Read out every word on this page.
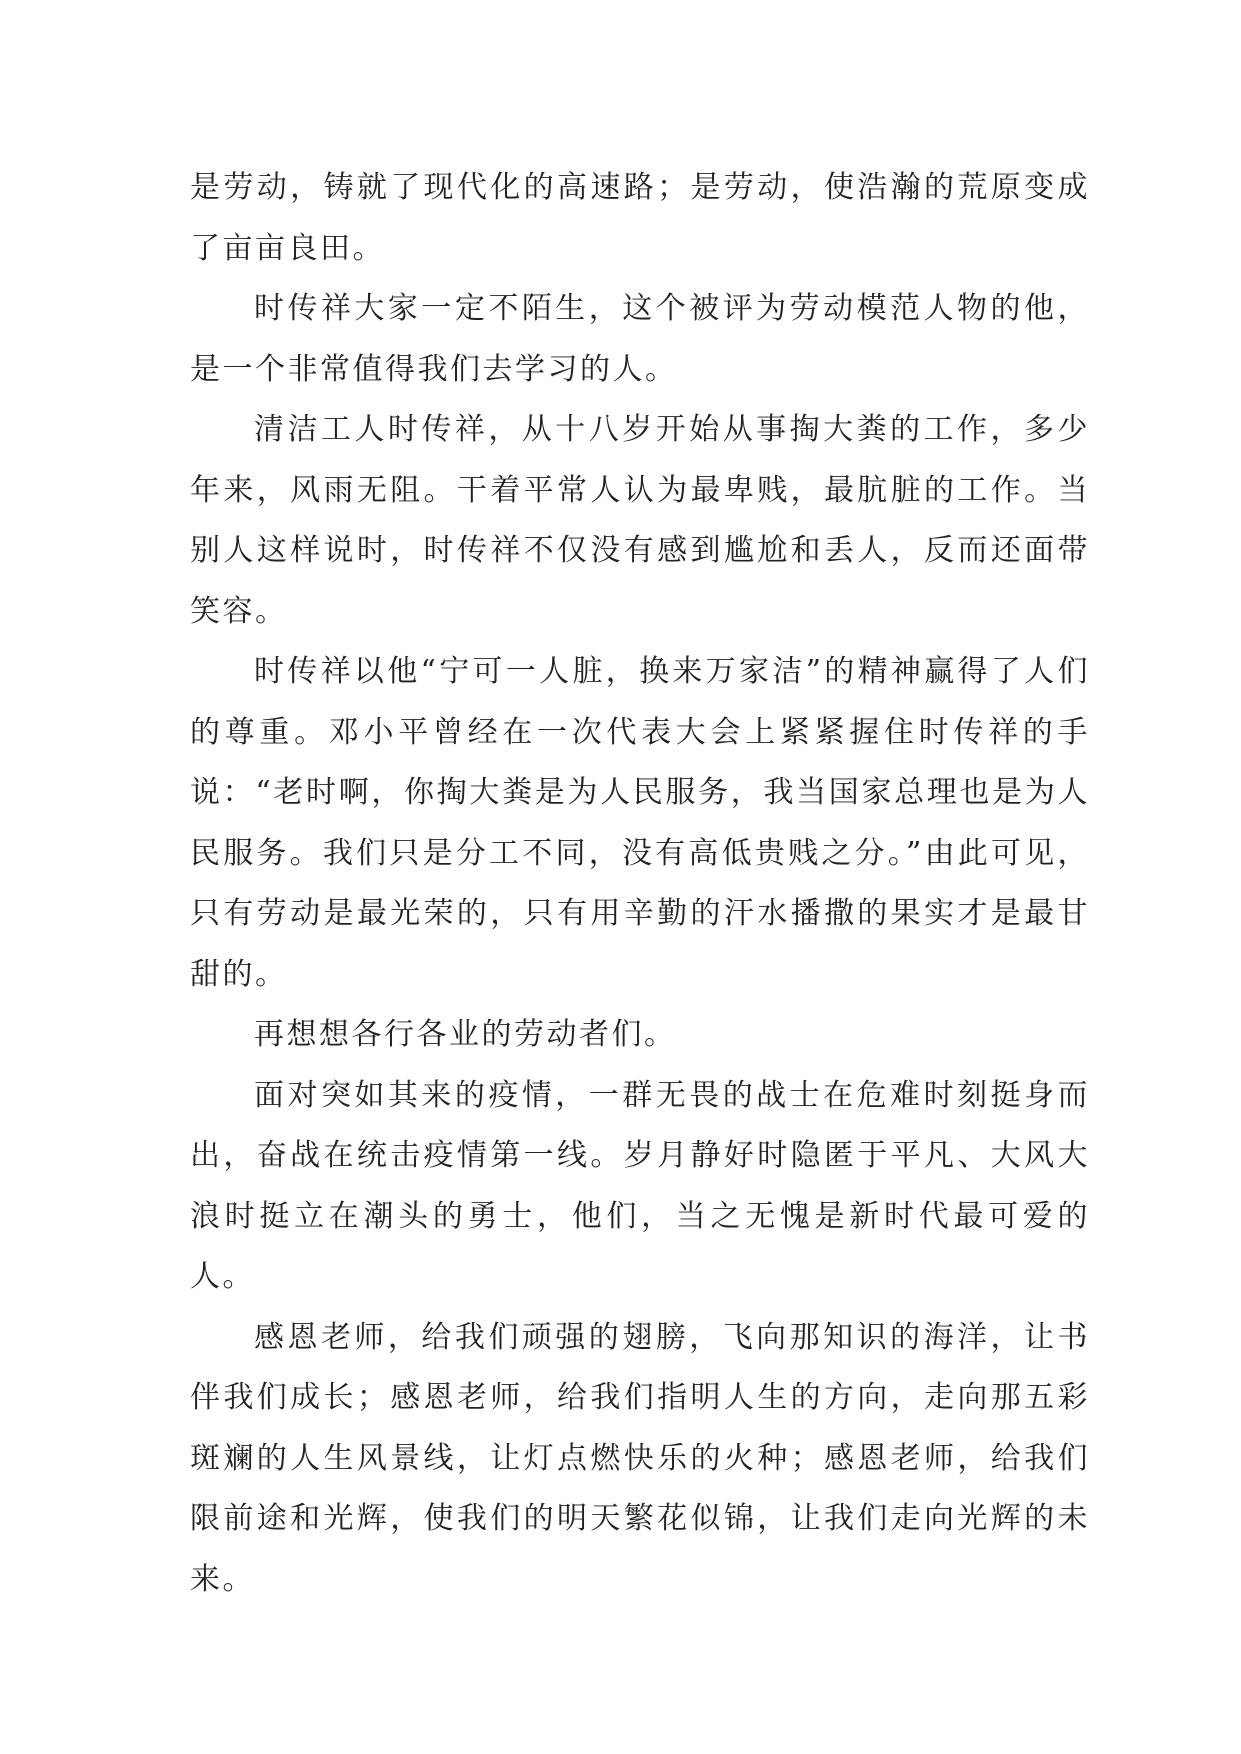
是劳动，铸就了现代化的高速路；是劳动，使浩瀚的荒原变成了亩亩良田。

时传祥大家一定不陌生，这个被评为劳动模范人物的他，是一个非常值得我们去学习的人。

清洁工人时传祥，从十八岁开始从事掏大粪的工作，多少年来，风雨无阻。干着平常人认为最卑贱，最肮脏的工作。当别人这样说时，时传祥不仅没有感到尴尬和丢人，反而还面带笑容。

时传祥以他“宁可一人脏，换来万家洁”的精神赢得了人们的尊重。邓小平曾经在一次代表大会上紧紧握住时传祥的手说：“老时啊，你掏大粪是为人民服务，我当国家总理也是为人民服务。我们只是分工不同，没有高低贵贱之分。”由此可见，只有劳动是最光荣的，只有用辛勤的汗水播撒的果实才是最甘甜的。

再想想各行各业的劳动者们。

面对突如其来的疫情，一群无畏的战士在危难时刻挺身而出，奋战在统击疫情第一线。岁月静好时隐匿于平凡、大风大浪时挺立在潮头的勇士，他们，当之无愧是新时代最可爱的人。

感恩老师，给我们顽强的翅膀，飞向那知识的海洋，让书伴我们成长；感恩老师，给我们指明人生的方向，走向那五彩斑斓的人生风景线，让灯点燃快乐的火种；感恩老师，给我们限前途和光辉，使我们的明天繁花似锦，让我们走向光辉的未来。
